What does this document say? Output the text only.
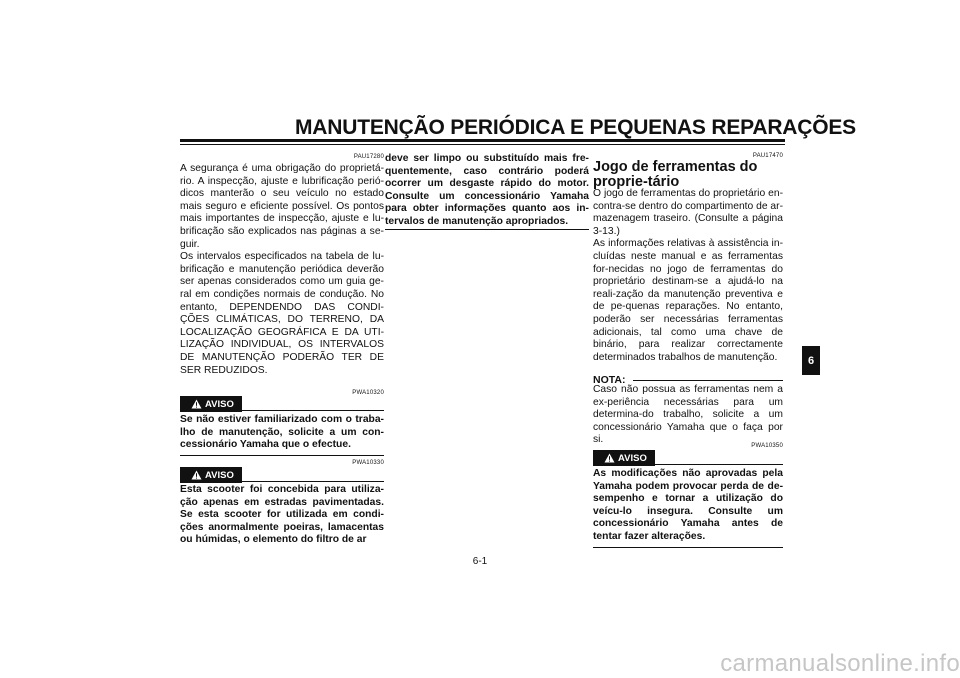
MANUTENÇÃO PERIÓDICA E PEQUENAS REPARAÇÕES
PAU17280

A segurança é uma obrigação do proprietá-rio. A inspecção, ajuste e lubrificação perió-dicos manterão o seu veículo no estado mais seguro e eficiente possível. Os pontos mais importantes de inspecção, ajuste e lu-brificação são explicados nas páginas a se-guir.

Os intervalos especificados na tabela de lu-brificação e manutenção periódica deverão ser apenas considerados como um guia ge-ral em condições normais de condução. No entanto, DEPENDENDO DAS CONDI-ÇÕES CLIMÁTICAS, DO TERRENO, DA LOCALIZAÇÃO GEOGRÁFICA E DA UTI-LIZAÇÃO INDIVIDUAL, OS INTERVALOS DE MANUTENÇÃO PODERÃO TER DE SER REDUZIDOS.

PWA10320
AVISO
Se não estiver familiarizado com o traba-lho de manutenção, solicite a um con-cessionário Yamaha que o efectue.
PWA10330
AVISO
Esta scooter foi concebida para utiliza-ção apenas em estradas pavimentadas. Se esta scooter for utilizada em condi-ções anormalmente poeiras, lamacentas ou húmidas, o elemento do filtro de ar
deve ser limpo ou substituído mais fre-quentemente, caso contrário poderá ocorrer um desgaste rápido do motor. Consulte um concessionário Yamaha para obter informações quanto aos in-tervalos de manutenção apropriados.
PAU17470
Jogo de ferramentas do proprie-tário

O jogo de ferramentas do proprietário en-contra-se dentro do compartimento de ar-mazenagem traseiro. (Consulte a página 3-13.)

As informações relativas à assistência in-cluídas neste manual e as ferramentas for-necidas no jogo de ferramentas do proprietário destinam-se a ajudá-lo na reali-zação da manutenção preventiva e de pe-quenas reparações. No entanto, poderão ser necessárias ferramentas adicionais, tal como uma chave de binário, para realizar correctamente determinados trabalhos de manutenção.

NOTA:
Caso não possua as ferramentas nem a ex-periência necessárias para um determina-do trabalho, solicite a um concessionário Yamaha que o faça por si.
PWA10350
AVISO
As modificações não aprovadas pela Yamaha podem provocar perda de de-sempenho e tornar a utilização do veícu-lo insegura. Consulte um concessionário Yamaha antes de tentar fazer alterações.
6
6-1
carmanualsonline.info
